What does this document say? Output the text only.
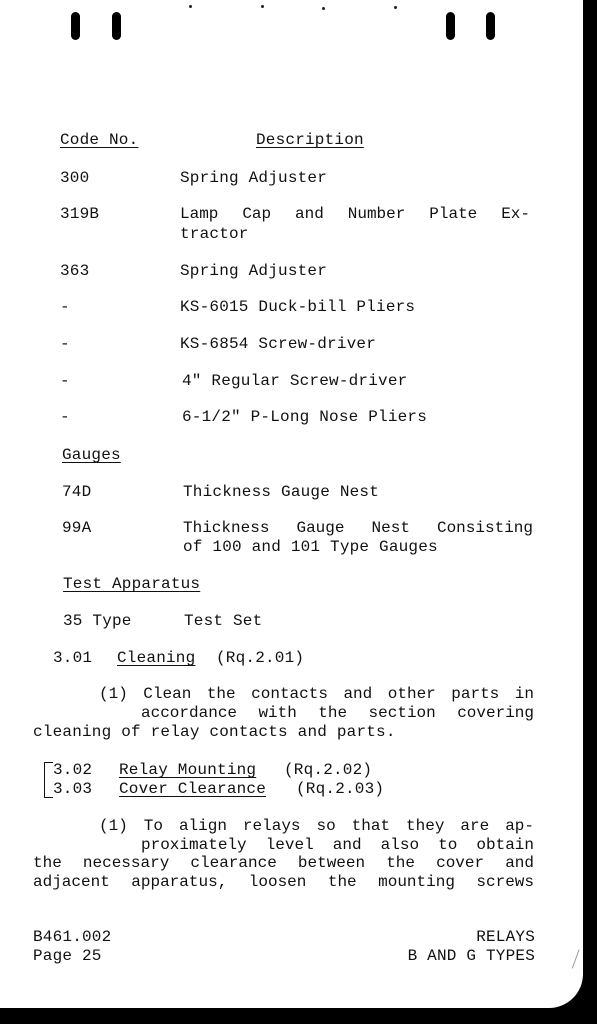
Code No.	Description
300	Spring Adjuster
319B	Lamp Cap and Number Plate Ex-
tractor
363	Spring Adjuster
-	KS-6015 Duck-bill Pliers
-	KS-6854 Screw-driver
-	4" Regular Screw-driver
-	6-1/2" P-Long Nose Pliers
Gauges
74D	Thickness Gauge Nest
99A	Thickness Gauge Nest Consisting
of 100 and 101 Type Gauges
Test Apparatus
35 Type	Test Set
3.01 Cleaning (Rq.2.01)
(1) Clean the contacts and other parts in
accordance with the section covering
cleaning of relay contacts and parts.
3.02 Relay Mounting (Rq.2.02)
3.03 Cover Clearance (Rq.2.03)
(1) To align relays so that they are ap-
proximately level and also to obtain
the necessary clearance between the cover and
adjacent apparatus, loosen the mounting screws
B461.002
Page 25
RELAYS
B AND G TYPES
